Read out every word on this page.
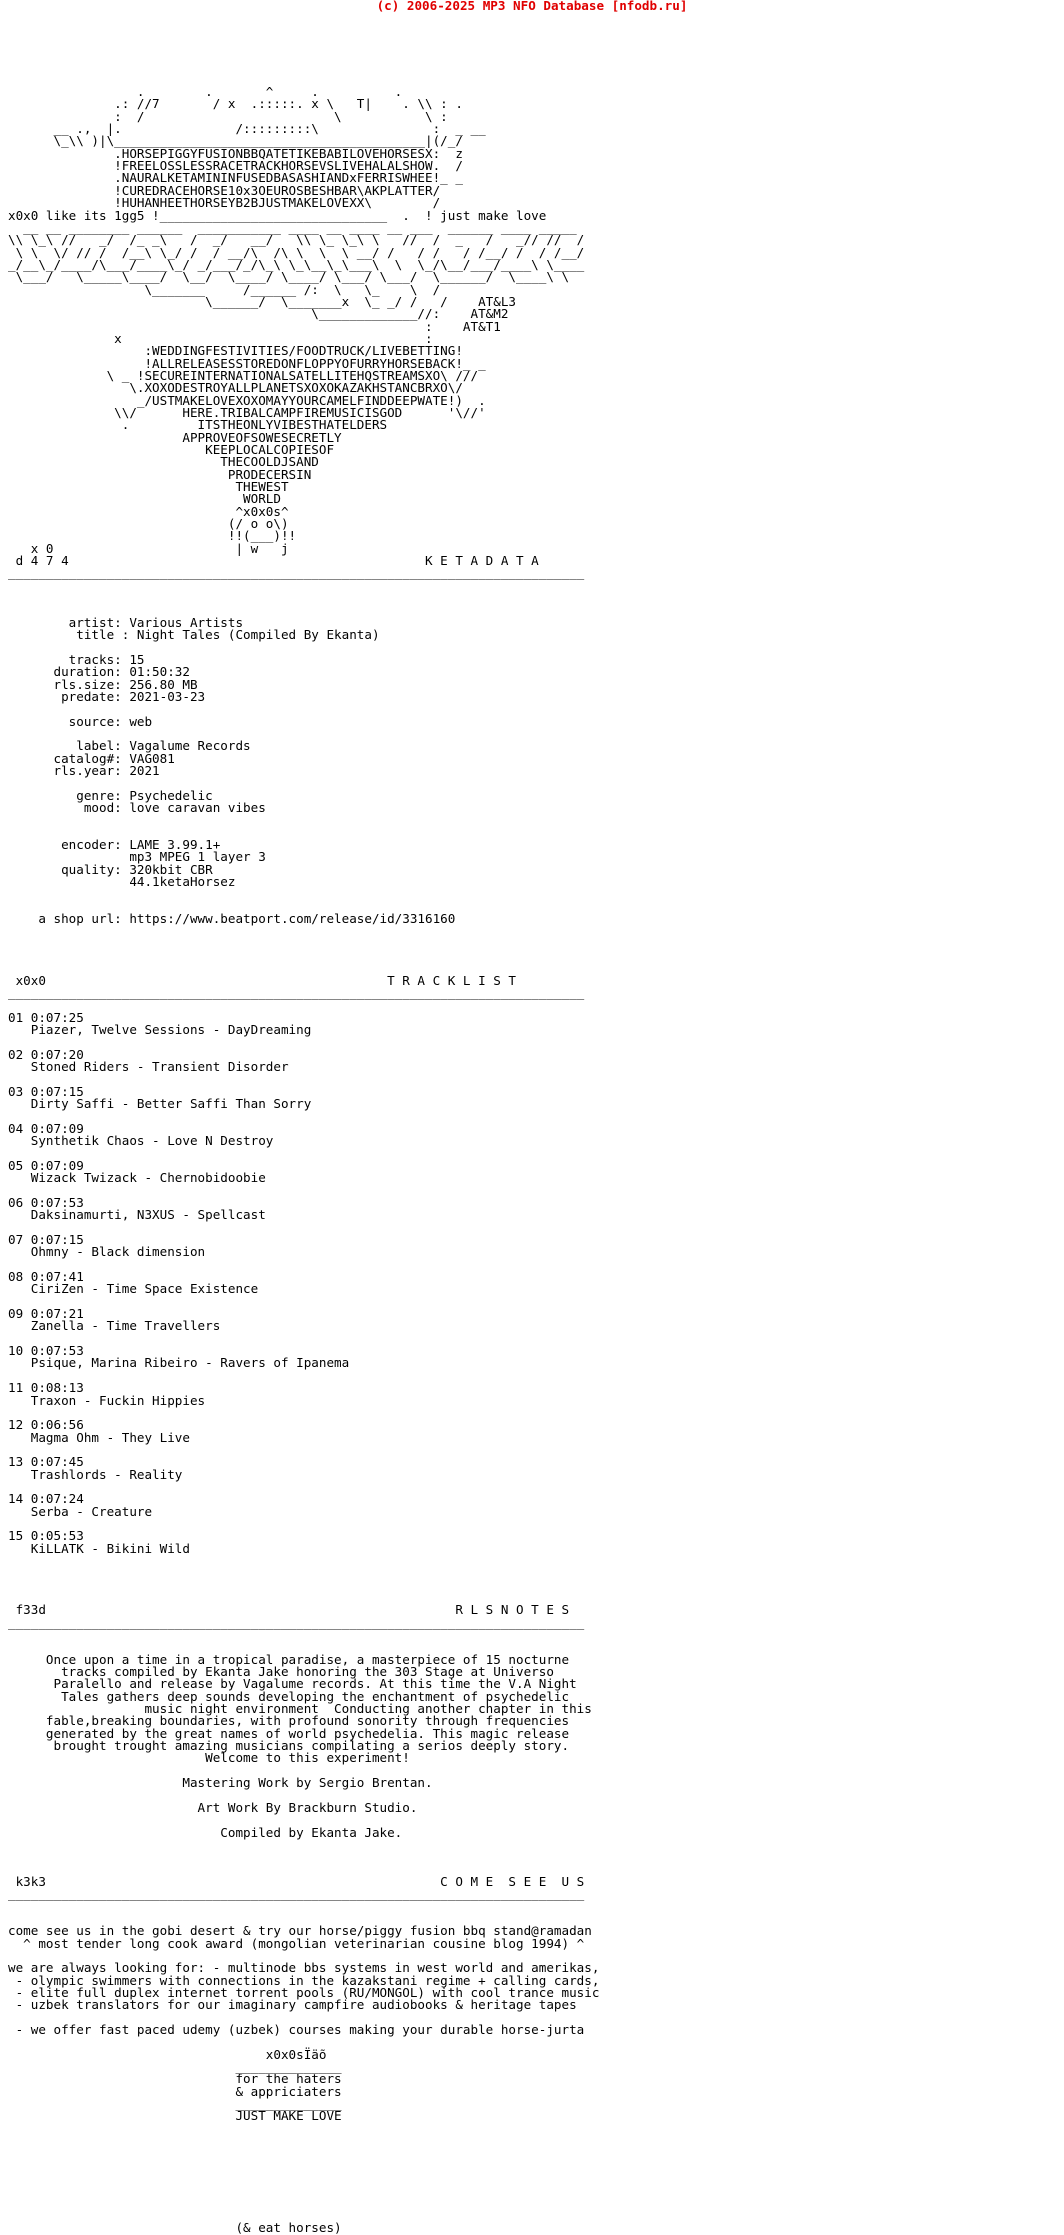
(c) 2006-2025 MP3 NFO Database [nfodb.ru]
.        .       ^     .          .
.: //7       / x  .:::::. x \   T|    . \\ : .
:  /                         \           \ :
__ .,  |.               /:::::::::\               :  _ __
\_\\ )|\_________________________________________|(/_/
.HORSEPIGGYFUSIONBBQATETIKEBABILOVEHORSESX:  z
!FREELOSSLESSRACETRACKHORSEVSLIVEHALALSHOW.  /
.NAURALKETAMININFUSEDBASASHIANDxFERRISWHEE!_ _
!CUREDRACEHORSE10x3OEUROSBESHBAR\AKPLATTER/
!HUHANHEETHORSEYB2BJUSTMAKELOVEXX\        /
x0x0 like its 1gg5 !______________________________  .  ! just make love
__ __ ________ ______  ___________ ____ __ ____ __ ___  ______ ____ _____
\\ \_\ //   _/  /_ _\   /  _/   __/   \\ \_ \_\ \   //  /  _   /   _// //  /
\ \  \/ // /  /__\ \_/ /  / __/\  /\ \  \  \ __/ /   / /   / /__/ /  / /__/
_/__\_/____/\___/____\_/ _/___/_/\_\ \_\__\_\___\  \  \_/\__/___/____\ \____
\___/   \_____\____/  \__/  \____/ \____/ \___/ \___/  \______/  \____\ \
\_______     /______ /:  \   \_    \  /
\______/  \_______x  \_ _/ /   /    AT&L3
\_____________//:    AT&M2
:    AT&T1
x                                        :
:WEDDINGFESTIVITIES/FOODTRUCK/LIVEBETTING!
!ALLRELEASESSTOREDONFLOPPYOFURRYHORSEBACK!_ _
\ _ !SECUREINTERNATIONALSATELLITEHQSTREAMSXO\ ///
\.XOXODESTROYALLPLANETSXOXOKAZAKHSTANCBRXO\/
_/USTMAKELOVEXOXOMAYYOURCAMELFINDDEEPWATE!)  .
\\/      HERE.TRIBALCAMPFIREMUSICISGOD      '\//'
.         ITSTHEONLYVIBESTHATELDERS
APPROVEOFSOWESECRETLY
KEEPLOCALCOPIESOF
THECOOLDJSAND
PRODECERSIN
THEWEST
WORLD
^x0x0s^
(/ o o\)
!!(___)!!
x 0                        | w   j
d 4 7 4                                               K E T A D A T A
____________________________________________________________________________
artist: Various Artists
title : Night Tales (Compiled By Ekanta)
tracks: 15
duration: 01:50:32
rls.size: 256.80 MB
predate: 2021-03-23
source: web
label: Vagalume Records
catalog#: VAG081
rls.year: 2021
genre: Psychedelic
mood: love caravan vibes
encoder: LAME 3.99.1+
mp3 MPEG 1 layer 3
quality: 320kbit CBR
44.1ketaHorsez
a shop url: https://www.beatport.com/release/id/3316160
x0x0                                             T R A C K L I S T
____________________________________________________________________________
01 0:07:25
Piazer, Twelve Sessions - DayDreaming
02 0:07:20
Stoned Riders - Transient Disorder
03 0:07:15
Dirty Saffi - Better Saffi Than Sorry
04 0:07:09
Synthetik Chaos - Love N Destroy
05 0:07:09
Wizack Twizack - Chernobidoobie
06 0:07:53
Daksinamurti, N3XUS - Spellcast
07 0:07:15
Ohmny - Black dimension
08 0:07:41
CiriZen - Time Space Existence
09 0:07:21
Zanella - Time Travellers
10 0:07:53
Psique, Marina Ribeiro - Ravers of Ipanema
11 0:08:13
Traxon - Fuckin Hippies
12 0:06:56
Magma Ohm - They Live
13 0:07:45
Trashlords - Reality
14 0:07:24
Serba - Creature
15 0:05:53
KiLLATK - Bikini Wild
f33d                                                      R L S N O T E S
____________________________________________________________________________
Once upon a time in a tropical paradise, a masterpiece of 15 nocturne
tracks compiled by Ekanta Jake honoring the 303 Stage at Universo
Paralello and release by Vagalume records. At this time the V.A Night
Tales gathers deep sounds developing the enchantment of psychedelic
music night environment  Conducting another chapter in this
fable,breaking boundaries, with profound sonority through frequencies
generated by the great names of world psychedelia. This magic release
brought trought amazing musicians compilating a serios deeply story.
Welcome to this experiment!
Mastering Work by Sergio Brentan.
Art Work By Brackburn Studio.
Compiled by Ekanta Jake.
k3k3                                                    C O M E  S E E  U S
____________________________________________________________________________
come see us in the gobi desert & try our horse/piggy fusion bbq stand@ramadan
^ most tender long cook award (mongolian veterinarian cousine blog 1994) ^
we are always looking for: - multinode bbs systems in west world and amerikas,
- olympic swimmers with connections in the kazakstani regime + calling cards,
- elite full duplex internet torrent pools (RU/MONGOL) with cool trance music
- uzbek translators for our imaginary campfire audiobooks & heritage tapes
- we offer fast paced udemy (uzbek) courses making your durable horse-jurta
x0x0sÏäõ
______________
for the haters
& appriciaters
______________
JUST MAKE LOVE
(& eat horses)
